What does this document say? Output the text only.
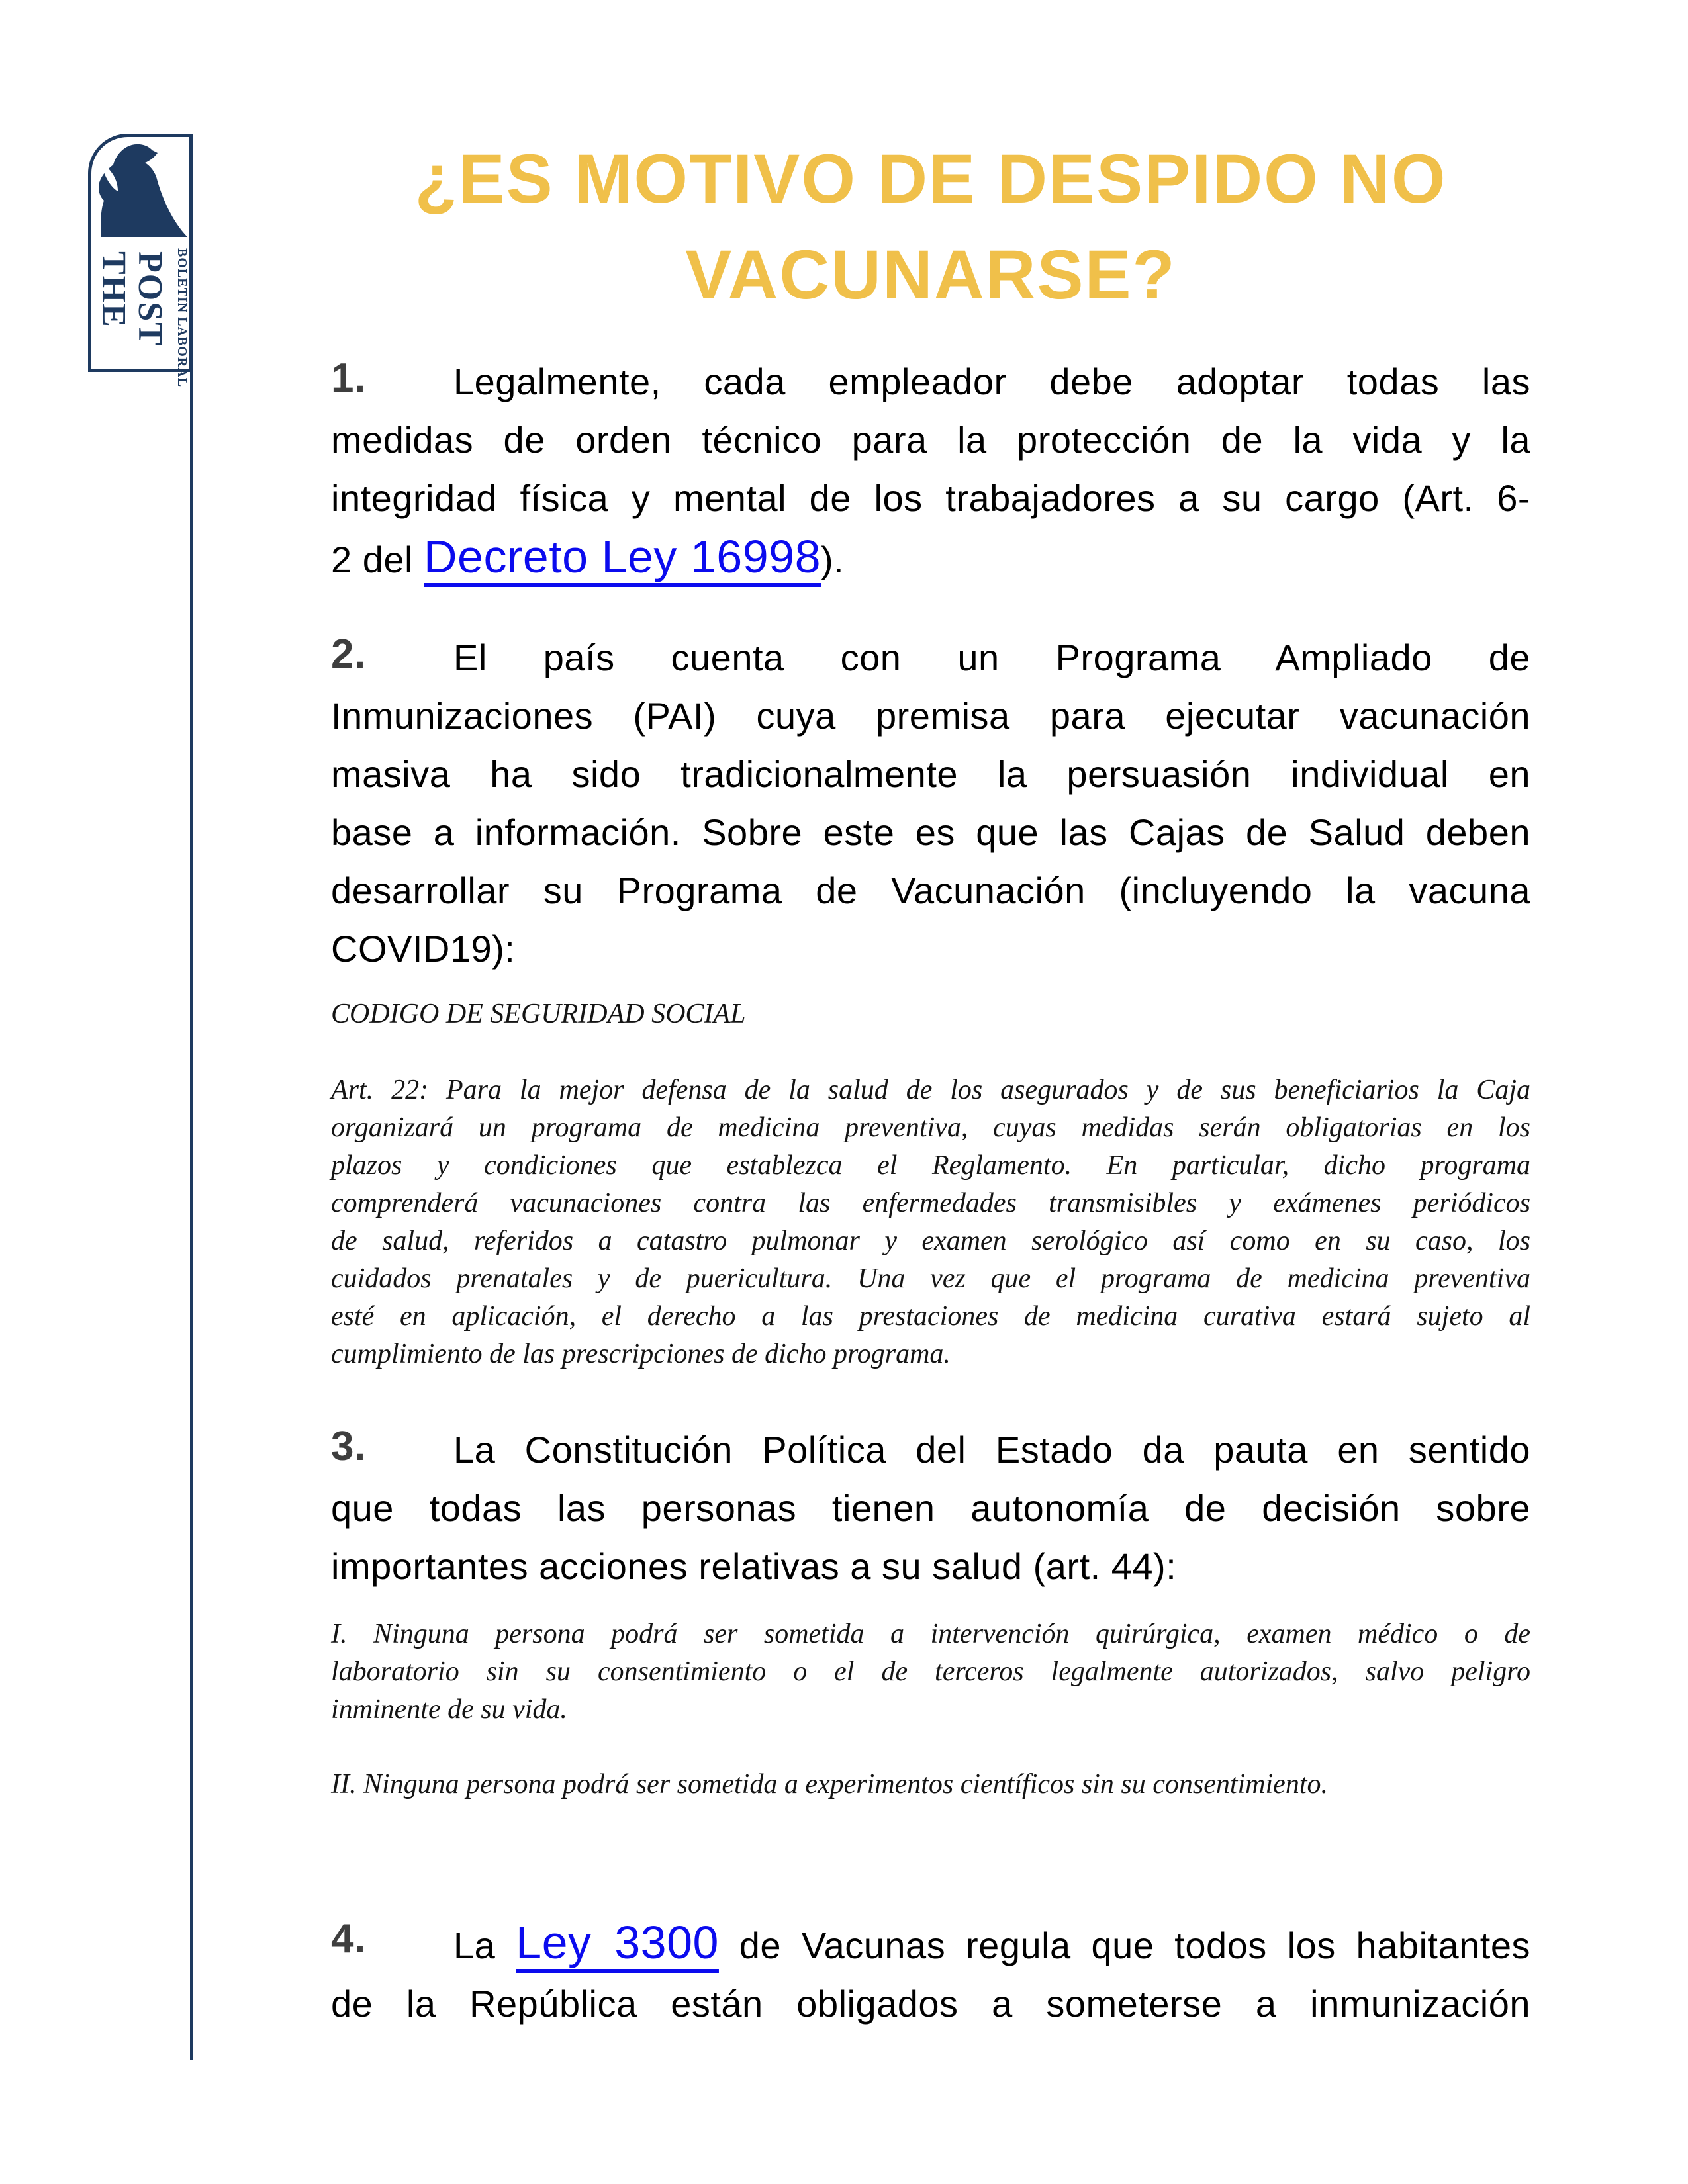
THE
POST BOLETIN LABORAL
¿ES MOTIVO DE DESPIDO NO
VACUNARSE?
1. Legalmente, cada empleador debe adoptar todas las
medidas de orden técnico para la protección de la vida y la
integridad física y mental de los trabajadores a su cargo (Art. 6-
2 del Decreto Ley 16998).
2. El país cuenta con un Programa Ampliado de
Inmunizaciones (PAI) cuya premisa para ejecutar vacunación
masiva ha sido tradicionalmente la persuasión individual en
base a información. Sobre este es que las Cajas de Salud deben
desarrollar su Programa de Vacunación (incluyendo la vacuna
COVID19):
CODIGO DE SEGURIDAD SOCIAL
Art. 22: Para la mejor defensa de la salud de los asegurados y de sus beneficiarios la Caja
organizará un programa de medicina preventiva, cuyas medidas serán obligatorias en los
plazos y condiciones que establezca el Reglamento. En particular, dicho programa
comprenderá vacunaciones contra las enfermedades transmisibles y exámenes periódicos
de salud, referidos a catastro pulmonar y examen serológico así como en su caso, los
cuidados prenatales y de puericultura. Una vez que el programa de medicina preventiva
esté en aplicación, el derecho a las prestaciones de medicina curativa estará sujeto al
cumplimiento de las prescripciones de dicho programa.
3. La Constitución Política del Estado da pauta en sentido
que todas las personas tienen autonomía de decisión sobre
importantes acciones relativas a su salud (art. 44):
I. Ninguna persona podrá ser sometida a intervención quirúrgica, examen médico o de
laboratorio sin su consentimiento o el de terceros legalmente autorizados, salvo peligro
inminente de su vida.
II. Ninguna persona podrá ser sometida a experimentos científicos sin su consentimiento.
4. La Ley 3300 de Vacunas regula que todos los habitantes
de la República están obligados a someterse a inmunización
